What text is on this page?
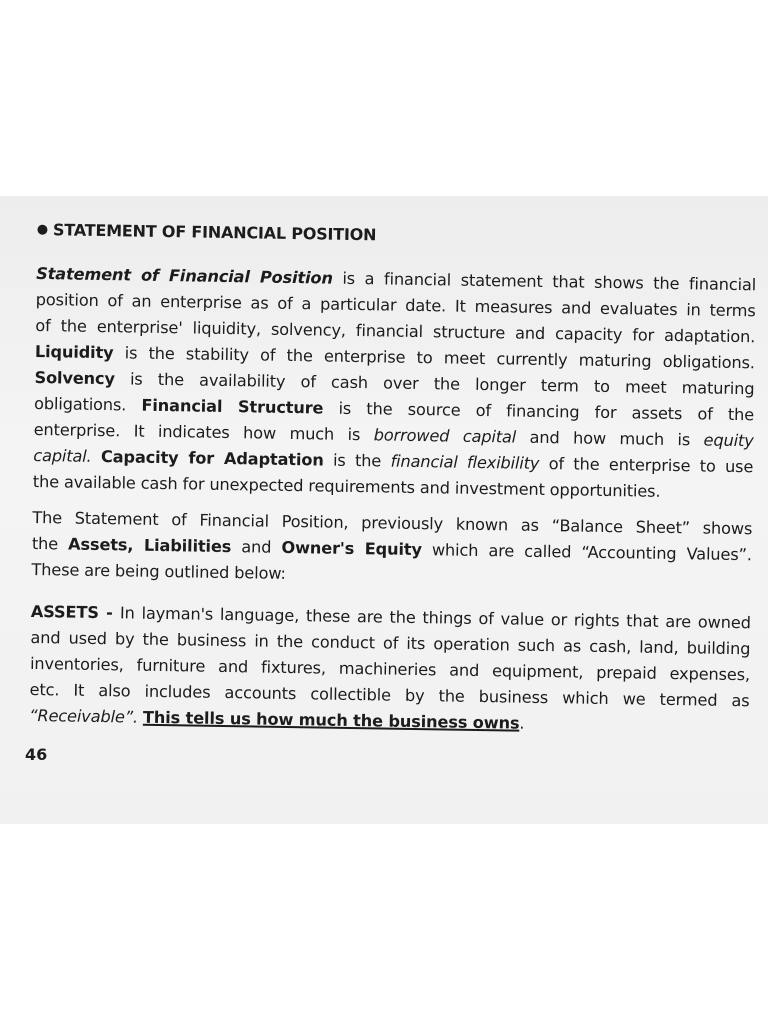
● STATEMENT OF FINANCIAL POSITION
Statement of Financial Position is a financial statement that shows the financial
position of an enterprise as of a particular date. It measures and evaluates in terms
of the enterprise' liquidity, solvency, financial structure and capacity for adaptation.
Liquidity is the stability of the enterprise to meet currently maturing obligations.
Solvency is the availability of cash over the longer term to meet maturing
obligations. Financial Structure is the source of financing for assets of the
enterprise. It indicates how much is borrowed capital and how much is equity
capital. Capacity for Adaptation is the financial flexibility of the enterprise to use
the available cash for unexpected requirements and investment opportunities.
The Statement of Financial Position, previously known as “Balance Sheet” shows
the Assets, Liabilities and Owner's Equity which are called “Accounting Values”.
These are being outlined below:
ASSETS - In layman's language, these are the things of value or rights that are owned
and used by the business in the conduct of its operation such as cash, land, building
inventories, furniture and fixtures, machineries and equipment, prepaid expenses,
etc. It also includes accounts collectible by the business which we termed as
“Receivable”. This tells us how much the business owns.
46
